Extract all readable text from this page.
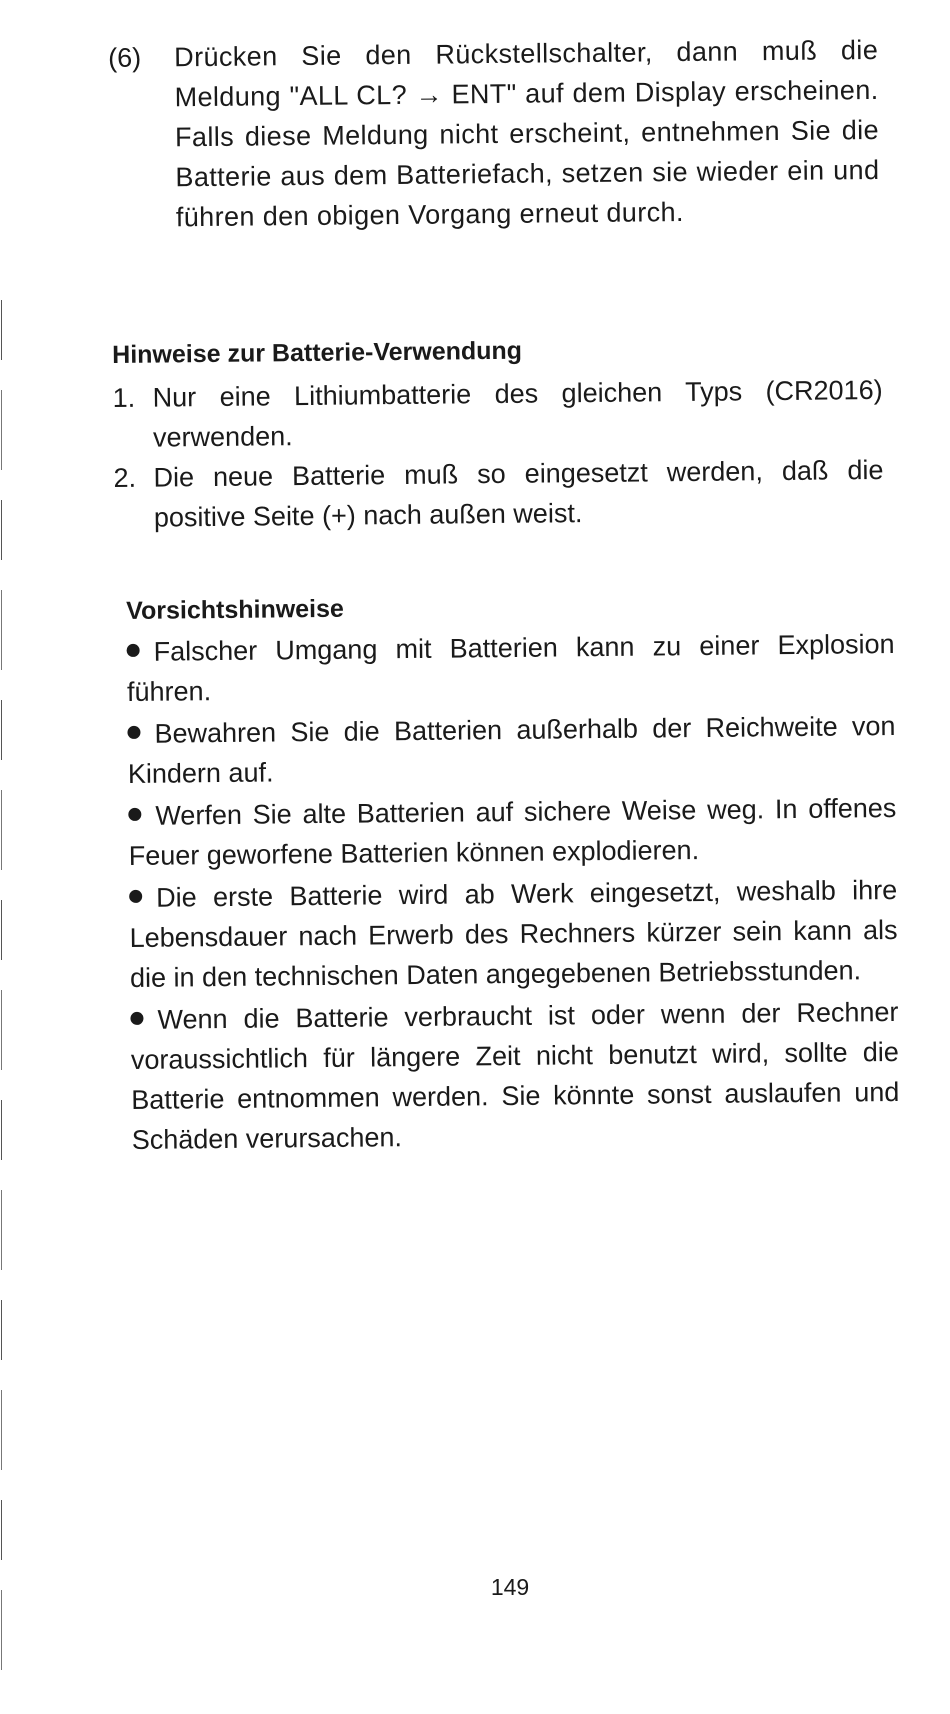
(6)	Drücken Sie den Rückstellschalter, dann muß die Meldung "ALL CL? → ENT" auf dem Display erscheinen. Falls diese Meldung nicht erscheint, entnehmen Sie die Batterie aus dem Batteriefach, setzen sie wieder ein und führen den obigen Vorgang erneut durch.
Hinweise zur Batterie-Verwendung
1. Nur eine Lithiumbatterie des gleichen Typs (CR2016) verwenden.
2. Die neue Batterie muß so eingesetzt werden, daß die positive Seite (+) nach außen weist.
Vorsichtshinweise
Falscher Umgang mit Batterien kann zu einer Explosion führen.
Bewahren Sie die Batterien außerhalb der Reichweite von Kindern auf.
Werfen Sie alte Batterien auf sichere Weise weg. In offenes Feuer geworfene Batterien können explodieren.
Die erste Batterie wird ab Werk eingesetzt, weshalb ihre Lebensdauer nach Erwerb des Rechners kürzer sein kann als die in den technischen Daten angegebenen Betriebsstunden.
Wenn die Batterie verbraucht ist oder wenn der Rechner voraussichtlich für längere Zeit nicht benutzt wird, sollte die Batterie entnommen werden. Sie könnte sonst auslaufen und Schäden verursachen.
149
